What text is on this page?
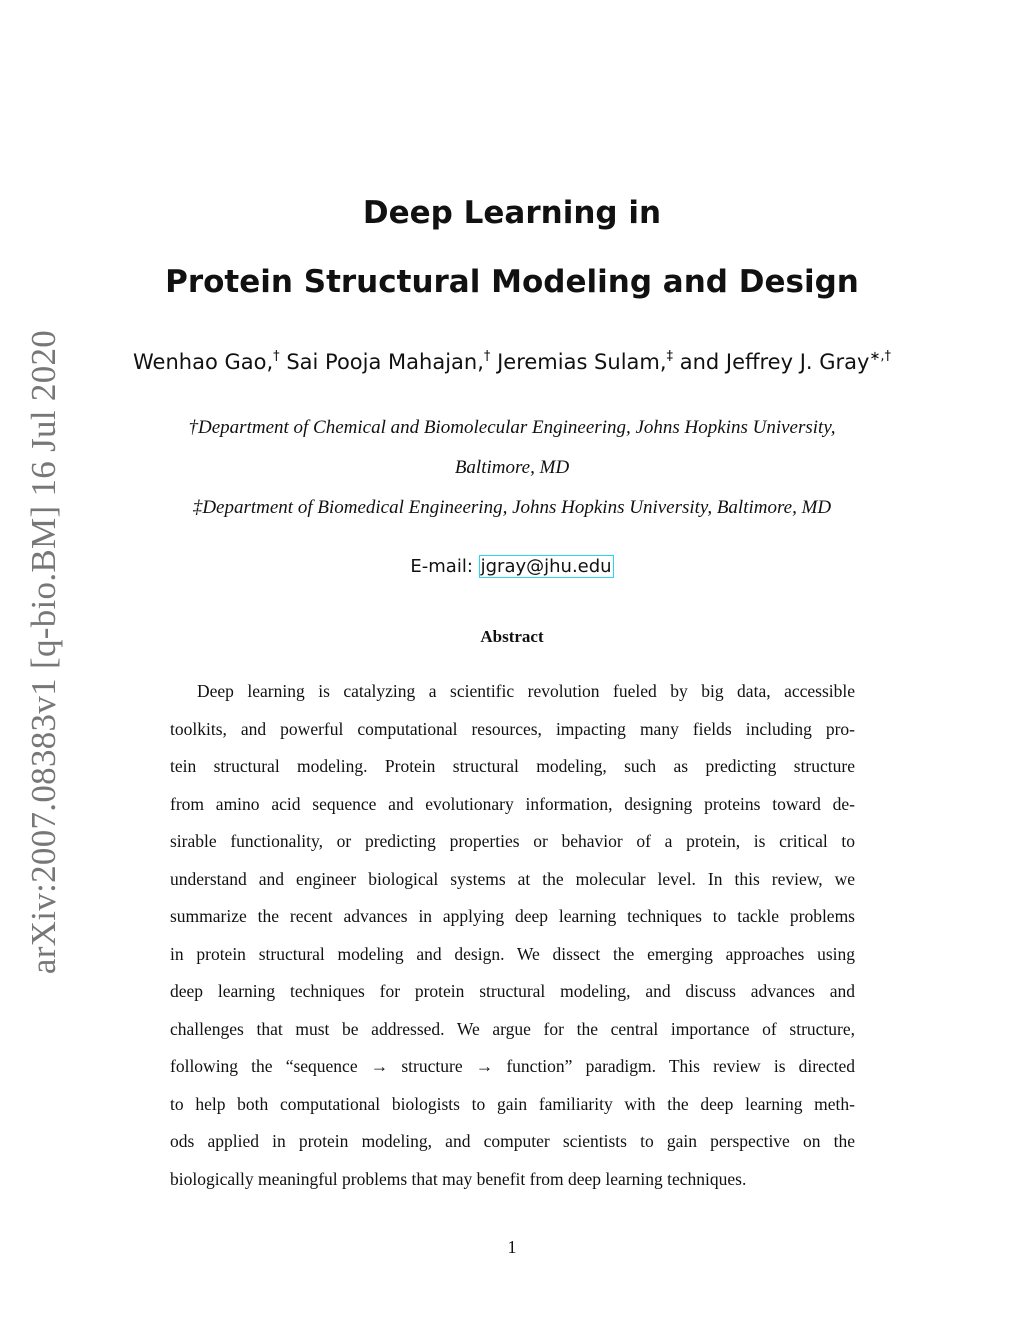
arXiv:2007.08383v1 [q-bio.BM] 16 Jul 2020
Deep Learning in
Protein Structural Modeling and Design
Wenhao Gao,† Sai Pooja Mahajan,† Jeremias Sulam,‡ and Jeffrey J. Gray∗,†
†Department of Chemical and Biomolecular Engineering, Johns Hopkins University,
Baltimore, MD
‡Department of Biomedical Engineering, Johns Hopkins University, Baltimore, MD
E-mail: jgray@jhu.edu
Abstract
Deep learning is catalyzing a scientific revolution fueled by big data, accessible
toolkits, and powerful computational resources, impacting many fields including pro-
tein structural modeling. Protein structural modeling, such as predicting structure
from amino acid sequence and evolutionary information, designing proteins toward de-
sirable functionality, or predicting properties or behavior of a protein, is critical to
understand and engineer biological systems at the molecular level. In this review, we
summarize the recent advances in applying deep learning techniques to tackle problems
in protein structural modeling and design. We dissect the emerging approaches using
deep learning techniques for protein structural modeling, and discuss advances and
challenges that must be addressed. We argue for the central importance of structure,
following the “sequence → structure → function” paradigm. This review is directed
to help both computational biologists to gain familiarity with the deep learning meth-
ods applied in protein modeling, and computer scientists to gain perspective on the
biologically meaningful problems that may benefit from deep learning techniques.
1
